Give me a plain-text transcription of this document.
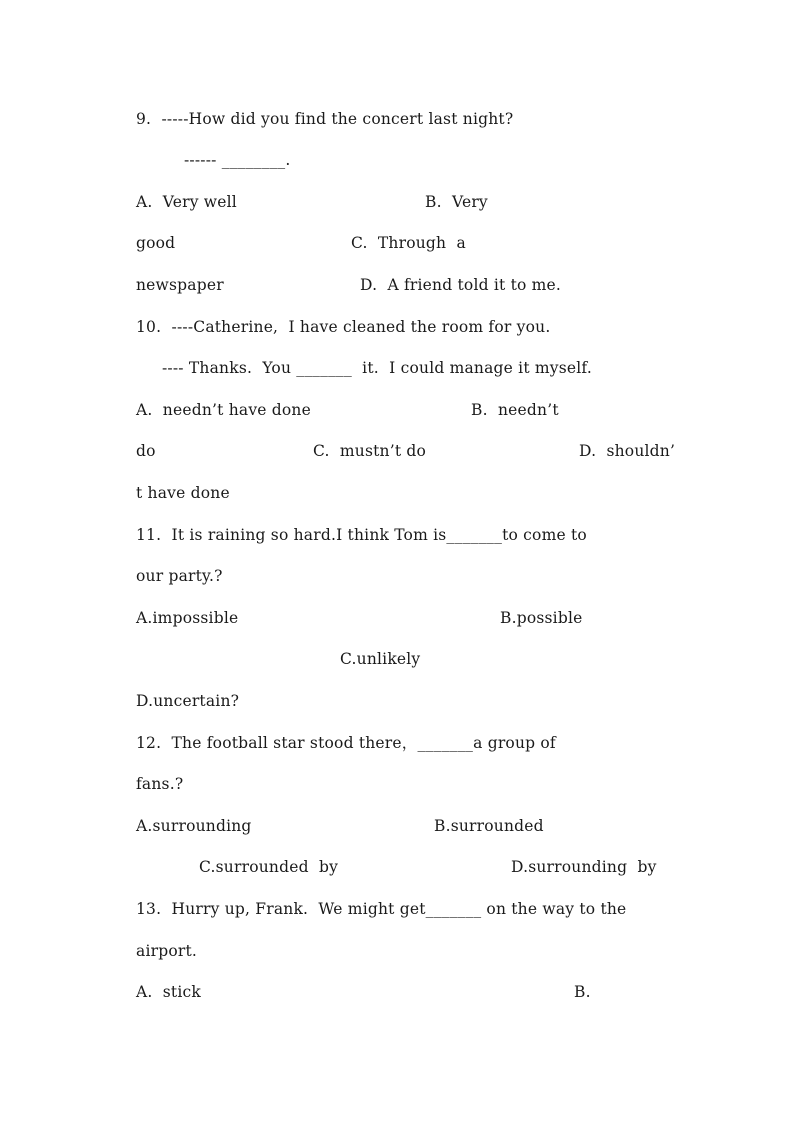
9.  -----How did you find the concert last night?
------ ________.
A.  Very well	B.  Very
good	C.  Through  a
newspaper	D.  A friend told it to me.
10.  ----Catherine,  I have cleaned the room for you.
---- Thanks.  You _______  it.  I could manage it myself.
A.  needn’t have done	B.  needn’t
do	C.  mustn’t do	D.  shouldn’
t have done
11.  It is raining so hard.I think Tom is_______to come to
our party.?
A.impossible	B.possible
C.unlikely
D.uncertain?
12.  The football star stood there，_______a group of
fans.?
A.surrounding	B.surrounded
C.surrounded  by	D.surrounding  by
13.  Hurry up, Frank.  We might get_______ on the way to the
airport.
A.  stick	B.
